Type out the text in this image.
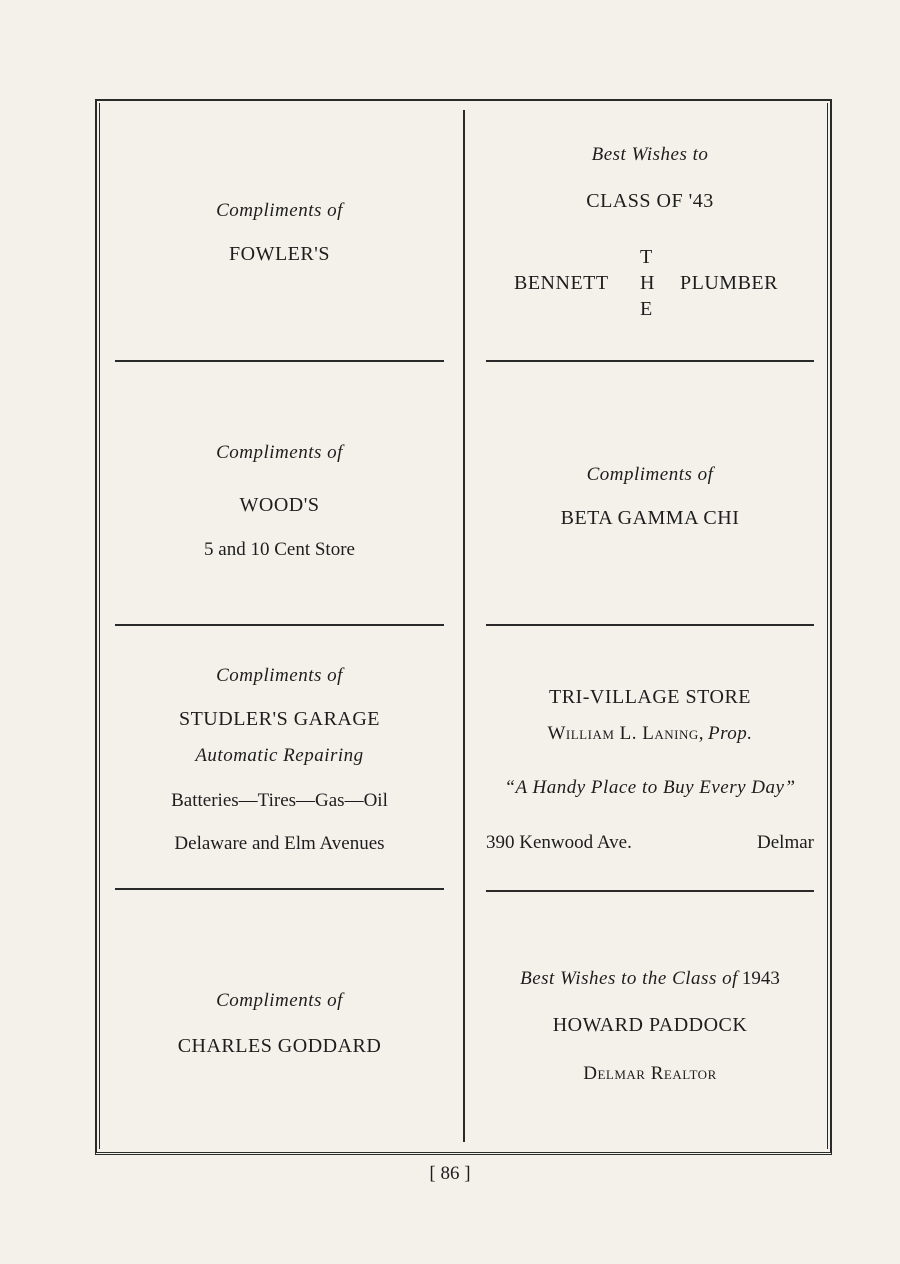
Compliments of
FOWLER'S
Best Wishes to
CLASS OF '43
BENNETT
T
H
E
PLUMBER
Compliments of
WOOD'S
5 and 10 Cent Store
Compliments of
BETA GAMMA CHI
Compliments of
STUDLER'S GARAGE
Automatic Repairing
Batteries—Tires—Gas—Oil
Delaware and Elm Avenues
TRI-VILLAGE STORE
William L. Laning, Prop.
“A Handy Place to Buy Every Day”
390 Kenwood Ave.	Delmar
Compliments of
CHARLES GODDARD
Best Wishes to the Class of 1943
HOWARD PADDOCK
Delmar Realtor
[ 86 ]
